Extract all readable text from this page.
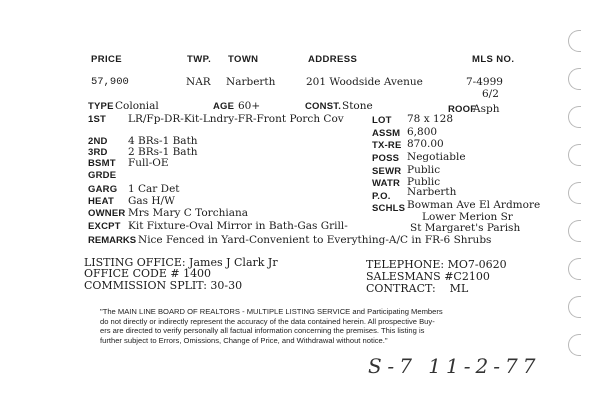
PRICE	TWP. TOWN	ADDRESS	MLS NO.
57,900	NAR Narberth	201 Woodside Avenue	7-4999
6/2
TYPE Colonial	AGE 60+	CONST. Stone	ROOF
Asph
1ST LR/Fp-DR-Kit-Lndry-FR-Front Porch Cov
2ND 4 BRs-1 Bath
3RD 2 BRs-1 Bath
BSMT Full-OE
GRDE
GARG 1 Car Det
HEAT Gas H/W
OWNER Mrs Mary C Torchiana
EXCPT Kit Fixture-Oval Mirror in Bath-Gas Grill-
REMARKS Nice Fenced in Yard-Convenient to Everything-A/C in FR-6 Shrubs
LOT 78 x 128
ASSM 6,800
TX-RE 870.00
POSS Negotiable
SEWR Public
WATR Public
P.O. Narberth
SCHLS Bowman Ave El Ardmore
Lower Merion Sr
St Margaret's Parish
LISTING OFFICE: James J Clark Jr
OFFICE CODE # 1400
COMMISSION SPLIT: 30-30
TELEPHONE: MO7-0620
SALESMANS #C2100
CONTRACT:    ML
"The MAIN LINE BOARD OF REALTORS - MULTIPLE LISTING SERVICE and Participating Members
do not directly or indirectly represent the accuracy of the data contained herein. All prospective Buy-
ers are directed to verify personally all factual information concerning the premises. This listing is
further subject to Errors, Omissions, Change of Price, and Withdrawal without notice."
S-7 11-2-77
